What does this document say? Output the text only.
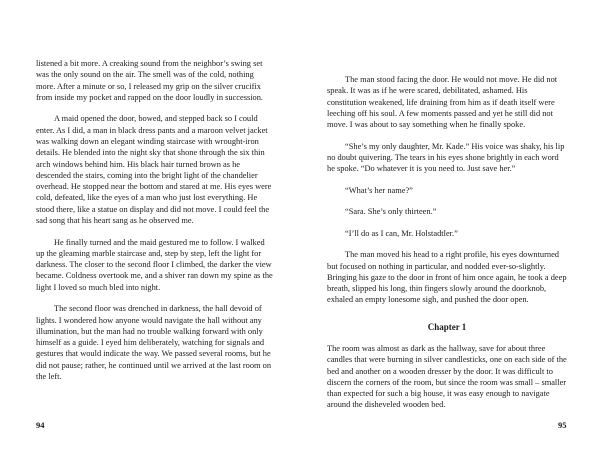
listened a bit more. A creaking sound from the neighbor’s swing set was the only sound on the air. The smell was of the cold, nothing more. After a minute or so, I released my grip on the silver crucifix from inside my pocket and rapped on the door loudly in succession.

A maid opened the door, bowed, and stepped back so I could enter. As I did, a man in black dress pants and a maroon velvet jacket was walking down an elegant winding staircase with wrought-iron details. He blended into the night sky that shone through the six thin arch windows behind him. His black hair turned brown as he descended the stairs, coming into the bright light of the chandelier overhead. He stopped near the bottom and stared at me. His eyes were cold, defeated, like the eyes of a man who just lost everything. He stood there, like a statue on display and did not move. I could feel the sad song that his heart sang as he observed me.

He finally turned and the maid gestured me to follow. I walked up the gleaming marble staircase and, step by step, left the light for darkness. The closer to the second floor I climbed, the darker the view became. Coldness overtook me, and a shiver ran down my spine as the light I loved so much bled into night.

The second floor was drenched in darkness, the hall devoid of lights. I wondered how anyone would navigate the hall without any illumination, but the man had no trouble walking forward with only himself as a guide. I eyed him deliberately, watching for signals and gestures that would indicate the way. We passed several rooms, but he did not pause; rather, he continued until we arrived at the last room on the left.

94

The man stood facing the door. He would not move. He did not speak. It was as if he were scared, debilitated, ashamed. His constitution weakened, life draining from him as if death itself were leeching off his soul. A few moments passed and yet he still did not move. I was about to say something when he finally spoke.

“She’s my only daughter, Mr. Kade.” His voice was shaky, his lip no doubt quivering. The tears in his eyes shone brightly in each word he spoke. “Do whatever it is you need to. Just save her.”

“What’s her name?”

“Sara. She’s only thirteen.”

“I’ll do as I can, Mr. Holstadtler.”

The man moved his head to a right profile, his eyes downturned but focused on nothing in particular, and nodded ever-so-slightly. Bringing his gaze to the door in front of him once again, he took a deep breath, slipped his long, thin fingers slowly around the doorknob, exhaled an empty lonesome sigh, and pushed the door open.

Chapter 1

The room was almost as dark as the hallway, save for about three candles that were burning in silver candlesticks, one on each side of the bed and another on a wooden dresser by the door. It was difficult to discern the corners of the room, but since the room was small – smaller than expected for such a big house, it was easy enough to navigate around the disheveled wooden bed.

95
